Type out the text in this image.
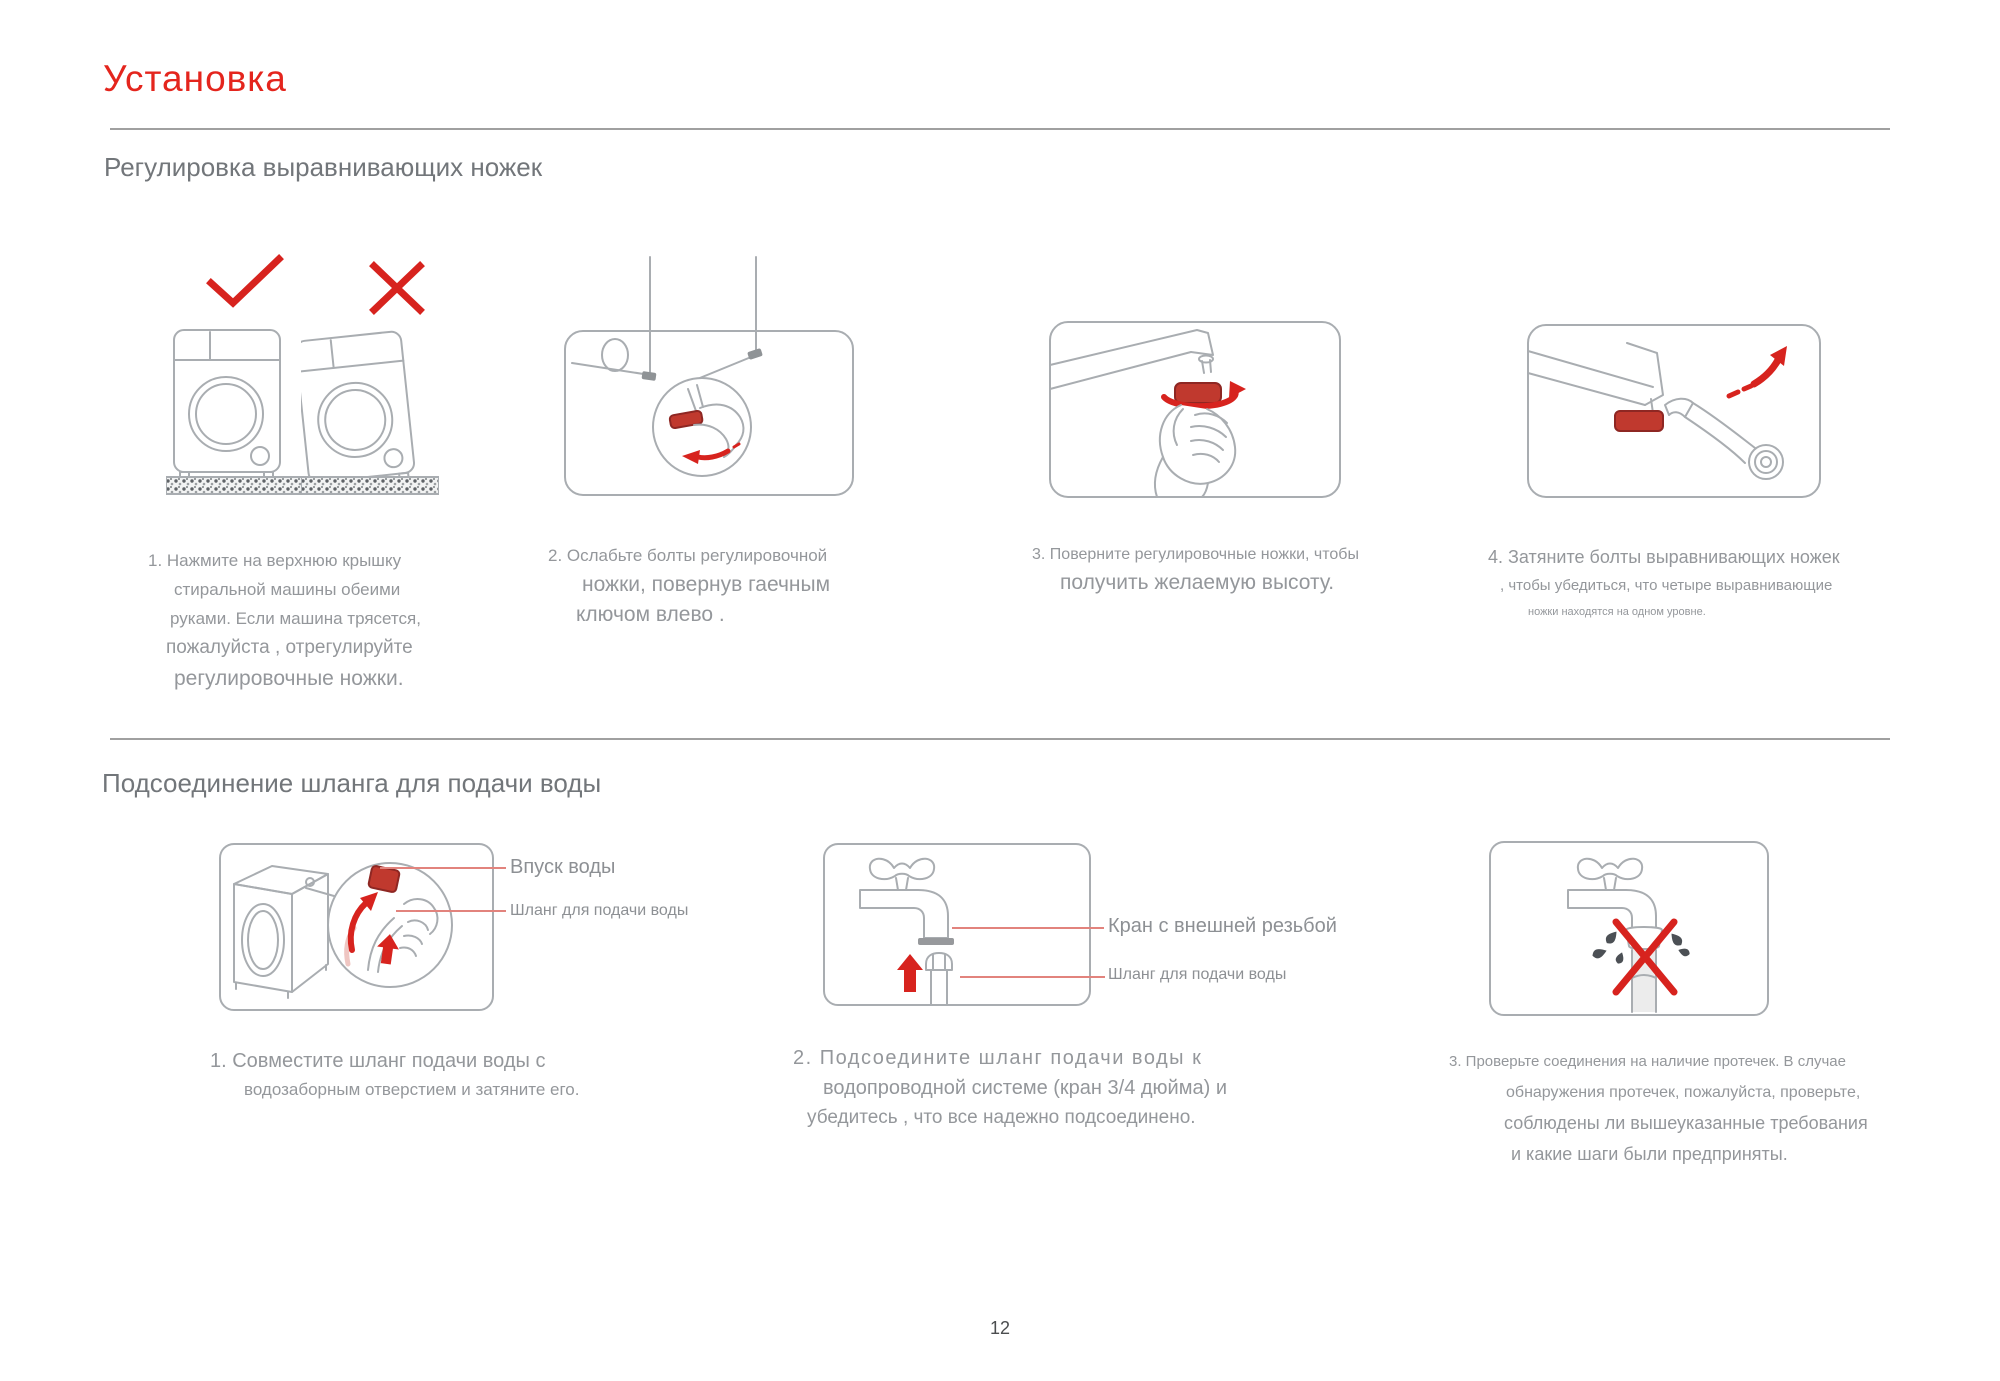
Установка
Регулировка выравнивающих ножек
1. Нажмите на верхнюю крышку
стиральной машины обеими
руками. Если машина трясется,
пожалуйста , отрегулируйте
регулировочные ножки.
2. Ослабьте болты регулировочной
ножки, повернув гаечным
ключом влево .
3. Поверните регулировочные ножки, чтобы
получить желаемую высоту.
4. Затяните болты выравнивающих ножек
, чтобы убедиться, что четыре выравнивающие
ножки находятся на одном уровне.
Подсоединение шланга для подачи воды
Впуск воды
Шланг для подачи воды
Кран с внешней резьбой
Шланг для подачи воды
1. Совместите шланг подачи воды с
водозаборным отверстием и затяните его.
2. Подсоедините шланг подачи воды к
водопроводной системе (кран 3/4 дюйма) и
убедитесь , что все надежно подсоединено.
3. Проверьте соединения на наличие протечек. В случае
обнаружения протечек, пожалуйста, проверьте,
соблюдены ли вышеуказанные требования
и какие шаги были предприняты.
12
